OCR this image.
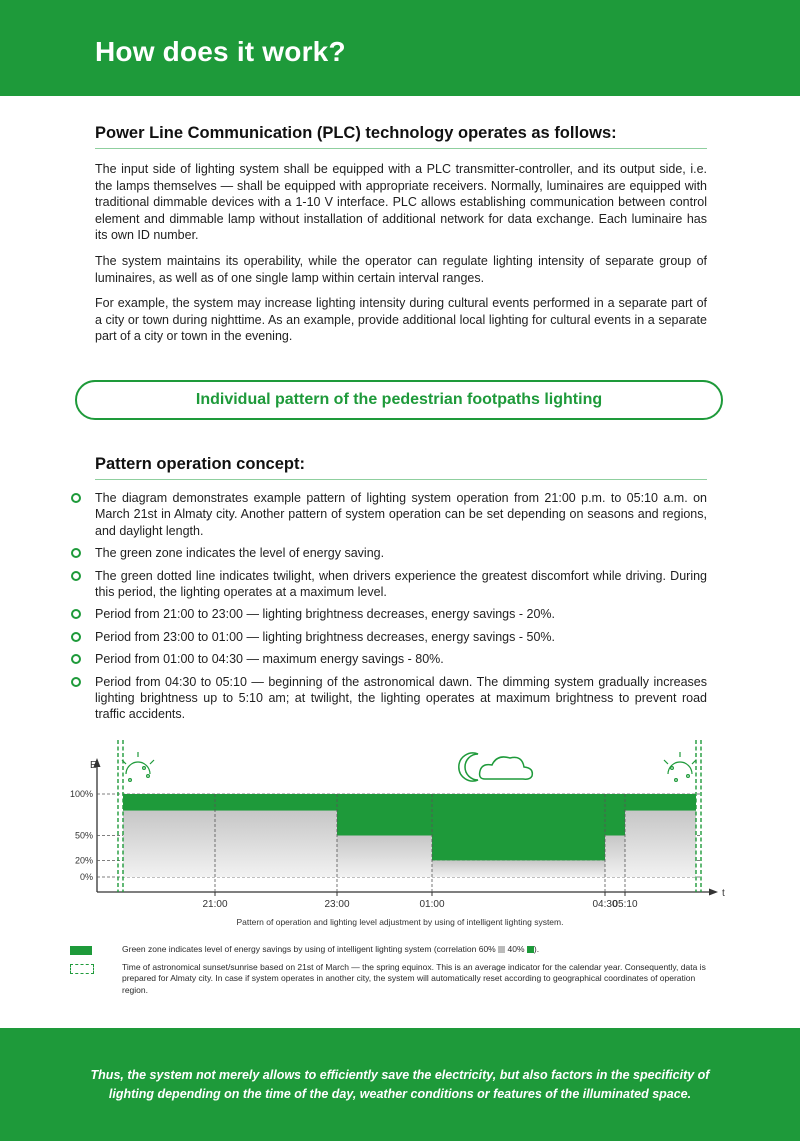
How does it work?
Power Line Communication (PLC) technology operates as follows:

The input side of lighting system shall be equipped with a PLC transmitter-controller, and its output side, i.e. the lamps themselves — shall be equipped with appropriate receivers. Normally, luminaires are equipped with traditional dimmable devices with a 1-10 V interface. PLC allows establishing communication between control element and dimmable lamp without installation of additional network for data exchange. Each luminaire has its own ID number.

The system maintains its operability, while the operator can regulate lighting intensity of separate group of luminaires, as well as of one single lamp within certain interval ranges.

For example, the system may increase lighting intensity during cultural events performed in a separate part of a city or town during nighttime. As an example, provide additional local lighting for cultural events in a separate part of a city or town in the evening.

Individual pattern of the pedestrian footpaths lighting
Pattern operation concept:
The diagram demonstrates example pattern of lighting system operation from 21:00 p.m. to 05:10 a.m. on March 21st in Almaty city. Another pattern of system operation can be set depending on seasons and regions, and daylight length.
The green zone indicates the level of energy saving.
The green dotted line indicates twilight, when drivers experience the greatest discomfort while driving. During this period, the lighting operates at a maximum level.
Period from 21:00 to 23:00 — lighting brightness decreases, energy savings - 20%.
Period from 23:00 to 01:00 — lighting brightness decreases, energy savings - 50%.
Period from 01:00 to 04:30 — maximum energy savings - 80%.
Period from 04:30 to 05:10 — beginning of the astronomical dawn. The dimming system gradually increases lighting brightness up to 5:10 am; at twilight, the lighting operates at maximum brightness to prevent road traffic accidents.
E
t
100%
50%
20%
0%
21:00	23:00	01:00	04:30
05:10
Pattern of operation and lighting level adjustment by using of intelligent lighting system.
Green zone indicates level of energy savings by using of intelligent lighting system (correlation 60% 40% ).
Time of astronomical sunset/sunrise based on 21st of March — the spring equinox. This is an average indicator for the calendar year. Consequently, data is prepared for Almaty city. In case if system operates in another city, the system will automatically reset according to geographical coordinates of operation region.

Thus, the system not merely allows to efficiently save the electricity, but also factors in the specificity of lighting depending on the time of the day, weather conditions or features of the illuminated space.
